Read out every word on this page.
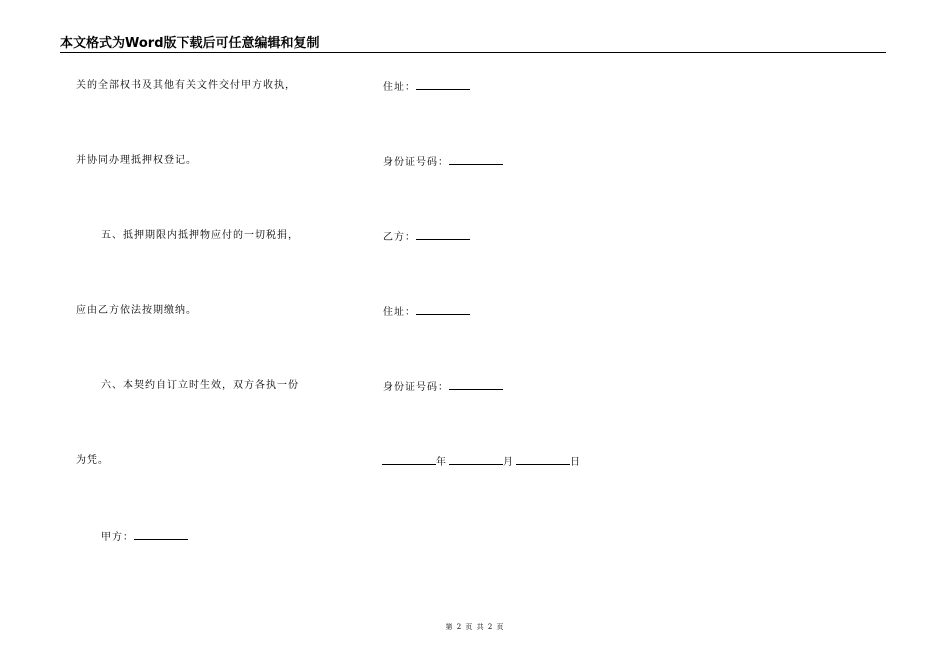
本文格式为Word版下载后可任意编辑和复制
关的全部权书及其他有关文件交付甲方收执，
并协同办理抵押权登记。
五、抵押期限内抵押物应付的一切税捐，
应由乙方依法按期缴纳。
六、本契约自订立时生效，双方各执一份
为凭。
甲方：
住址：
身份证号码：
乙方：
住址：
身份证号码：
年	月	日
第 2 页 共 2 页
